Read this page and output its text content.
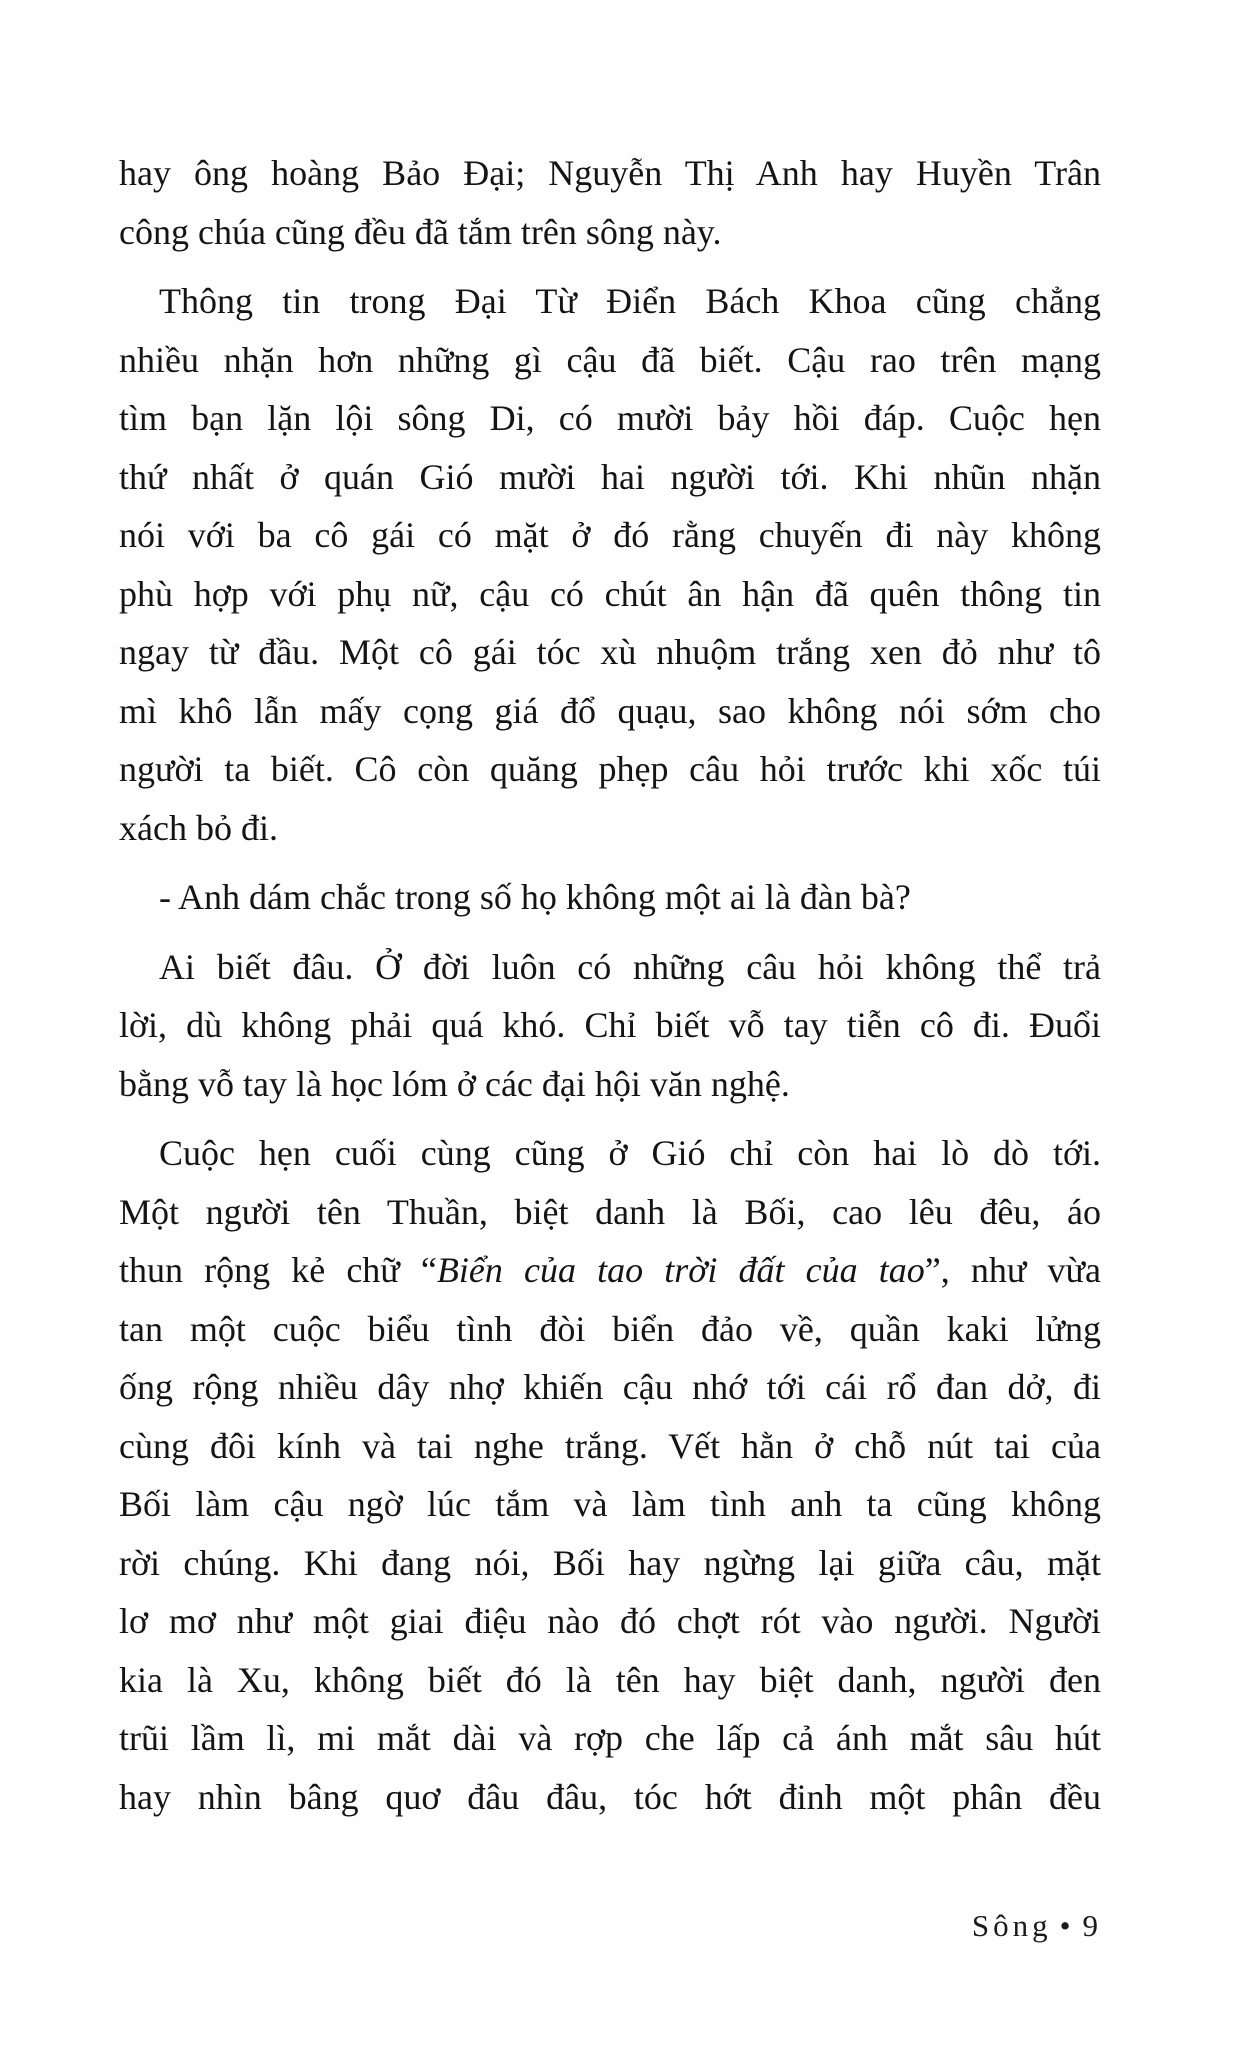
hay ông hoàng Bảo Đại; Nguyễn Thị Anh hay Huyền Trân
công chúa cũng đều đã tắm trên sông này.
Thông tin trong Đại Từ Điển Bách Khoa cũng chẳng
nhiều nhặn hơn những gì cậu đã biết. Cậu rao trên mạng
tìm bạn lặn lội sông Di, có mười bảy hồi đáp. Cuộc hẹn
thứ nhất ở quán Gió mười hai người tới. Khi nhũn nhặn
nói với ba cô gái có mặt ở đó rằng chuyến đi này không
phù hợp với phụ nữ, cậu có chút ân hận đã quên thông tin
ngay từ đầu. Một cô gái tóc xù nhuộm trắng xen đỏ như tô
mì khô lẫn mấy cọng giá đổ quạu, sao không nói sớm cho
người ta biết. Cô còn quăng phẹp câu hỏi trước khi xốc túi
xách bỏ đi.
- Anh dám chắc trong số họ không một ai là đàn bà?
Ai biết đâu. Ở đời luôn có những câu hỏi không thể trả
lời, dù không phải quá khó. Chỉ biết vỗ tay tiễn cô đi. Đuổi
bằng vỗ tay là học lóm ở các đại hội văn nghệ.
Cuộc hẹn cuối cùng cũng ở Gió chỉ còn hai lò dò tới.
Một người tên Thuần, biệt danh là Bối, cao lêu đêu, áo
thun rộng kẻ chữ “Biển của tao trời đất của tao”, như vừa
tan một cuộc biểu tình đòi biển đảo về, quần kaki lửng
ống rộng nhiều dây nhợ khiến cậu nhớ tới cái rổ đan dở, đi
cùng đôi kính và tai nghe trắng. Vết hằn ở chỗ nút tai của
Bối làm cậu ngờ lúc tắm và làm tình anh ta cũng không
rời chúng. Khi đang nói, Bối hay ngừng lại giữa câu, mặt
lơ mơ như một giai điệu nào đó chợt rót vào người. Người
kia là Xu, không biết đó là tên hay biệt danh, người đen
trũi lầm lì, mi mắt dài và rợp che lấp cả ánh mắt sâu hút
hay nhìn bâng quơ đâu đâu, tóc hớt đinh một phân đều
Sông • 9
